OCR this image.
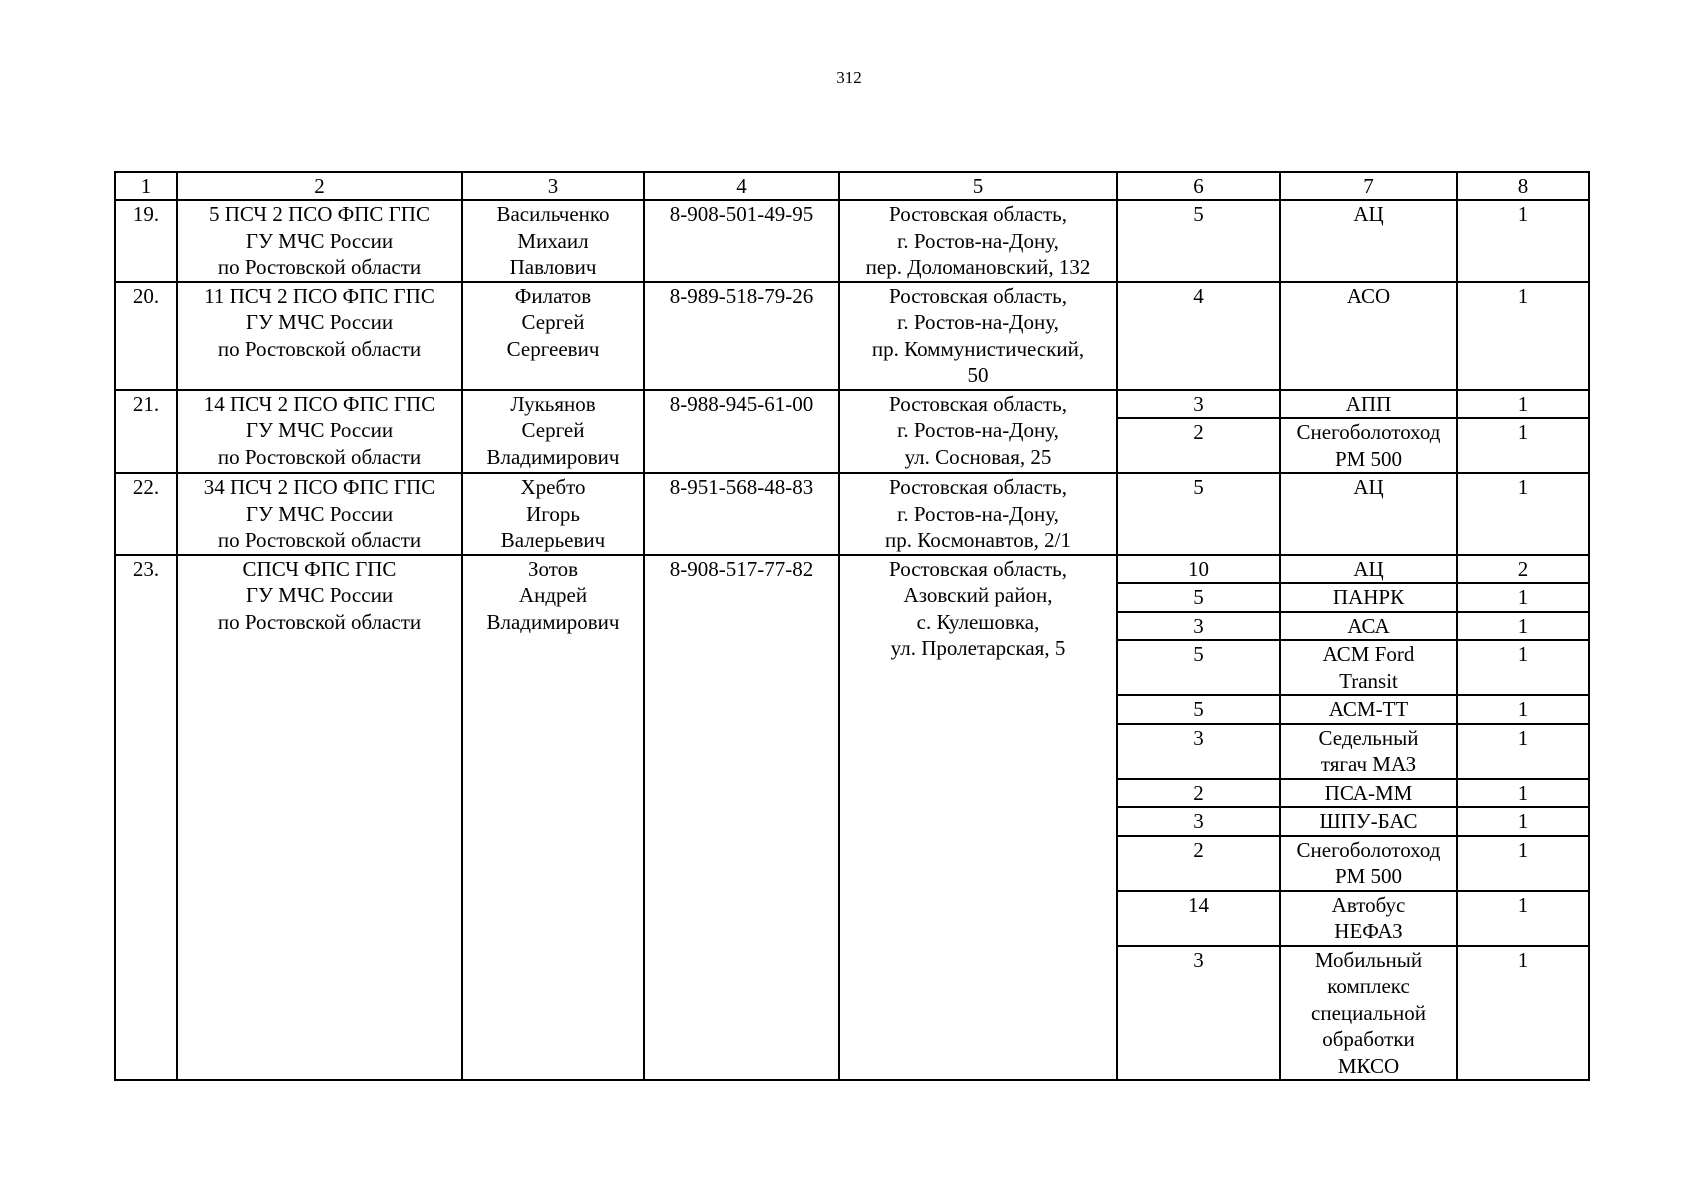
312
1	2	3	4	5	6	7	8
19.	5 ПСЧ 2 ПСО ФПС ГПС
ГУ МЧС России
по Ростовской области	Васильченко
Михаил
Павлович	8-908-501-49-95	Ростовская область,
г. Ростов-на-Дону,
пер. Доломановский, 132	5	АЦ	1
20.	11 ПСЧ 2 ПСО ФПС ГПС
ГУ МЧС России
по Ростовской области	Филатов
Сергей
Сергеевич	8-989-518-79-26	Ростовская область,
г. Ростов-на-Дону,
пр. Коммунистический,
50	4	АСО	1
21.	14 ПСЧ 2 ПСО ФПС ГПС
ГУ МЧС России
по Ростовской области	Лукьянов
Сергей
Владимирович	8-988-945-61-00	Ростовская область,
г. Ростов-на-Дону,
ул. Сосновая, 25	3	АПП	1
					2	Снегоболотоход
РМ 500	1
22.	34 ПСЧ 2 ПСО ФПС ГПС
ГУ МЧС России
по Ростовской области	Хребто
Игорь
Валерьевич	8-951-568-48-83	Ростовская область,
г. Ростов-на-Дону,
пр. Космонавтов, 2/1	5	АЦ	1
23.	СПСЧ ФПС ГПС
ГУ МЧС России
по Ростовской области	Зотов
Андрей
Владимирович	8-908-517-77-82	Ростовская область,
Азовский район,
с. Кулешовка,
ул. Пролетарская, 5	10	АЦ	2
					5	ПАНРК	1
					3	АСА	1
					5	АСМ Ford
Transit	1
					5	АСМ-ТТ	1
					3	Седельный
тягач МАЗ	1
					2	ПСА-ММ	1
					3	ШПУ-БАС	1
					2	Снегоболотоход
РМ 500	1
					14	Автобус
НЕФАЗ	1
					3	Мобильный
комплекс
специальной
обработки
МКСО	1
